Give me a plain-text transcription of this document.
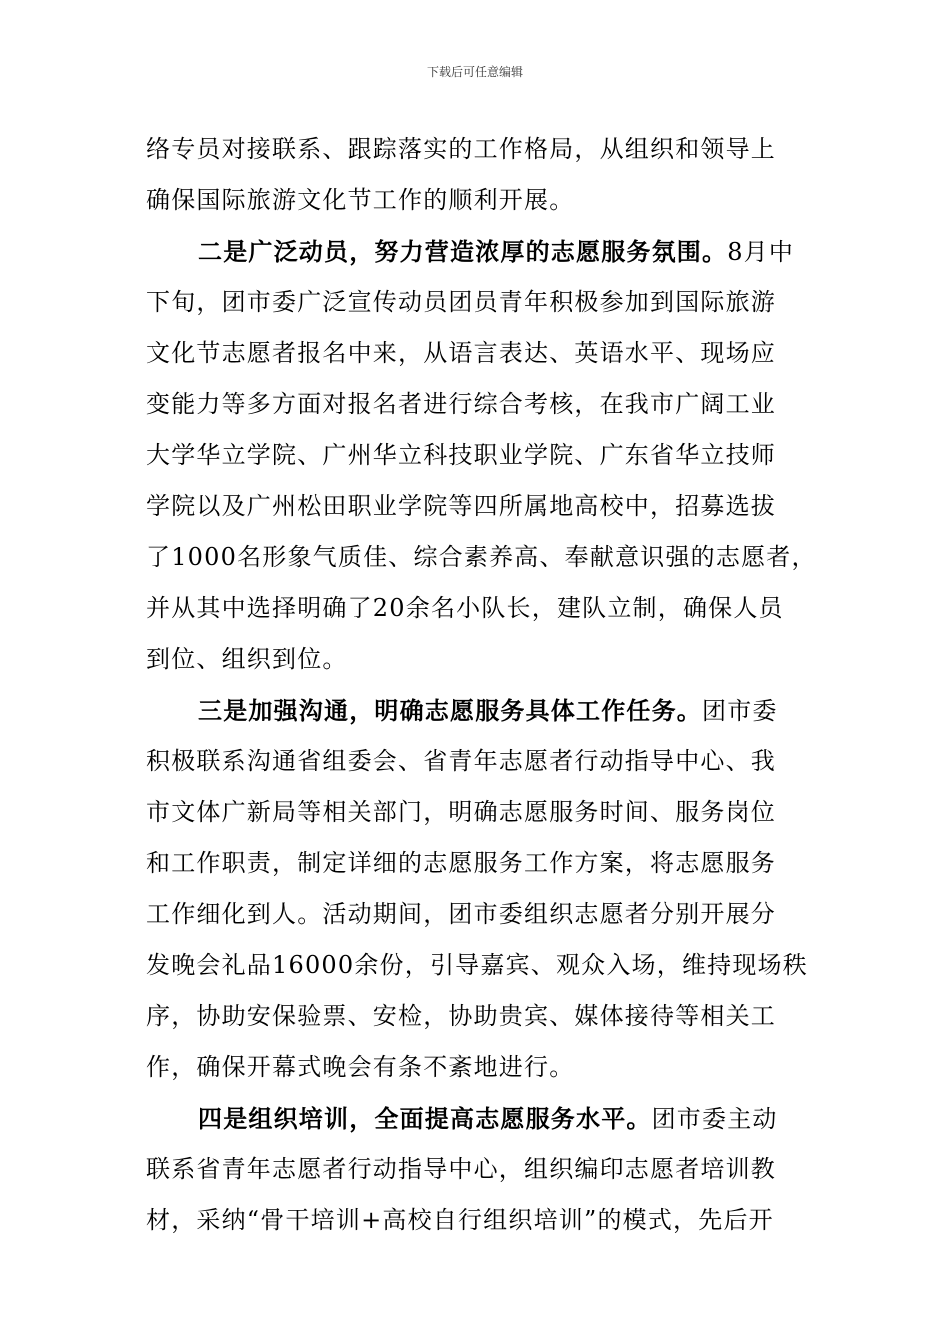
下载后可任意编辑
络专员对接联系、跟踪落实的工作格局，从组织和领导上
确保国际旅游文化节工作的顺利开展。
二是广泛动员，努力营造浓厚的志愿服务氛围。8月中
下旬，团市委广泛宣传动员团员青年积极参加到国际旅游
文化节志愿者报名中来，从语言表达、英语水平、现场应
变能力等多方面对报名者进行综合考核，在我市广阔工业
大学华立学院、广州华立科技职业学院、广东省华立技师
学院以及广州松田职业学院等四所属地高校中，招募选拔
了1000名形象气质佳、综合素养高、奉献意识强的志愿者，
并从其中选择明确了20余名小队长，建队立制，确保人员
到位、组织到位。
三是加强沟通，明确志愿服务具体工作任务。团市委
积极联系沟通省组委会、省青年志愿者行动指导中心、我
市文体广新局等相关部门，明确志愿服务时间、服务岗位
和工作职责，制定详细的志愿服务工作方案，将志愿服务
工作细化到人。活动期间，团市委组织志愿者分别开展分
发晚会礼品16000余份，引导嘉宾、观众入场，维持现场秩
序，协助安保验票、安检，协助贵宾、媒体接待等相关工
作，确保开幕式晚会有条不紊地进行。
四是组织培训，全面提高志愿服务水平。团市委主动
联系省青年志愿者行动指导中心，组织编印志愿者培训教
材，采纳“骨干培训+高校自行组织培训”的模式，先后开
